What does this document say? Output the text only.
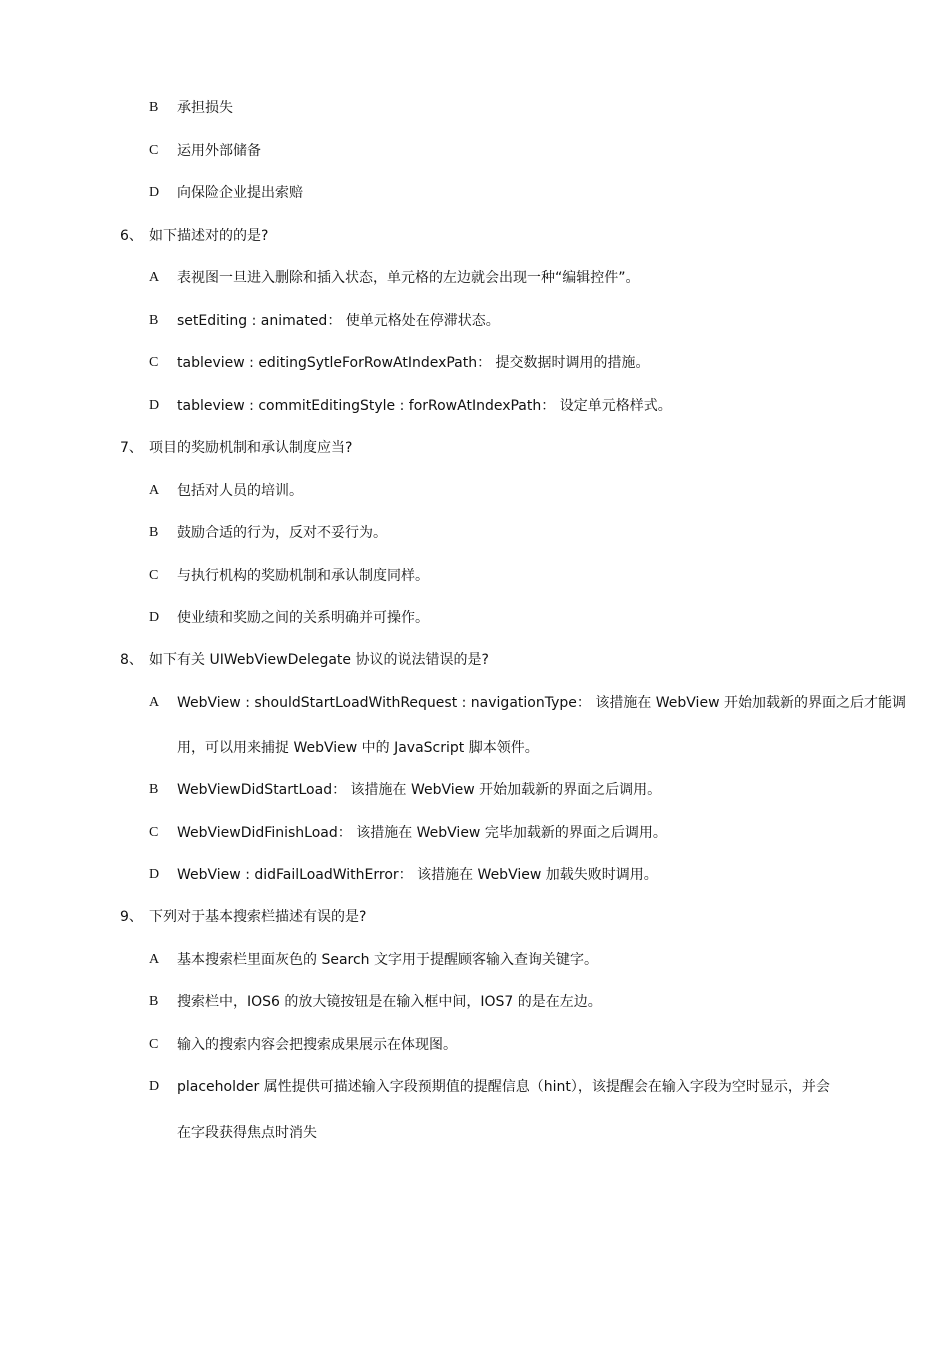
B	承担损失
C	运用外部储备
D	向保险企业提出索赔
6、 如下描述对的的是?
A	表视图一旦进入删除和插入状态，单元格的左边就会出现一种“编辑控件”。
B	setEditing : animated： 使单元格处在停滞状态。
C	tableview : editingSytleForRowAtIndexPath： 提交数据时调用的措施。
D	tableview : commitEditingStyle : forRowAtIndexPath： 设定单元格样式。
7、 项目的奖励机制和承认制度应当?
A	包括对人员的培训。
B	鼓励合适的行为，反对不妥行为。
C	与执行机构的奖励机制和承认制度同样。
D	使业绩和奖励之间的关系明确并可操作。
8、 如下有关 UIWebViewDelegate 协议的说法错误的是?
A	WebView : shouldStartLoadWithRequest : navigationType： 该措施在 WebView 开始加载新的界面之后才能调
用，可以用来捕捉 WebView 中的 JavaScript 脚本领件。
B	WebViewDidStartLoad： 该措施在 WebView 开始加载新的界面之后调用。
C	WebViewDidFinishLoad： 该措施在 WebView 完毕加载新的界面之后调用。
D	WebView : didFailLoadWithError： 该措施在 WebView 加载失败时调用。
9、 下列对于基本搜索栏描述有误的是?
A	基本搜索栏里面灰色的 Search 文字用于提醒顾客输入查询关键字。
B	搜索栏中，IOS6 的放大镜按钮是在输入框中间，IOS7 的是在左边。
C	输入的搜索内容会把搜索成果展示在体现图。
D	placeholder 属性提供可描述输入字段预期值的提醒信息（hint），该提醒会在输入字段为空时显示，并会
在字段获得焦点时消失
